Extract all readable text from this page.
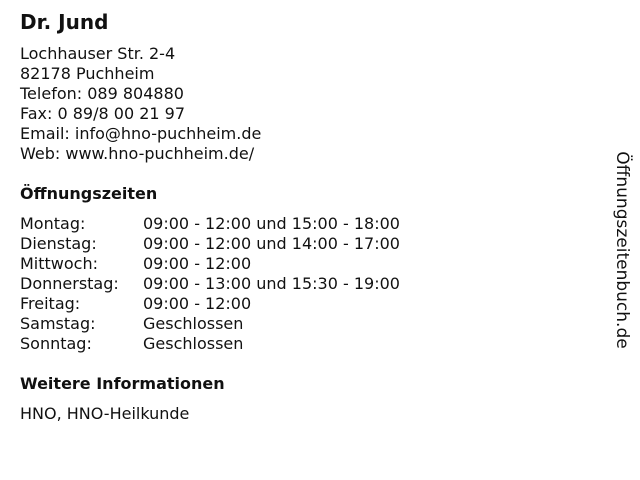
Dr. Jund
Lochhauser Str. 2-4
82178 Puchheim
Telefon: 089 804880
Fax: 0 89/8 00 21 97
Email: info@hno-puchheim.de
Web: www.hno-puchheim.de/
Öffnungszeiten
Montag:	09:00 - 12:00 und 15:00 - 18:00
Dienstag:	09:00 - 12:00 und 14:00 - 17:00
Mittwoch:	09:00 - 12:00
Donnerstag:	09:00 - 13:00 und 15:30 - 19:00
Freitag:	09:00 - 12:00
Samstag:	Geschlossen
Sonntag:	Geschlossen
Weitere Informationen
HNO, HNO-Heilkunde
Öffnungszeitenbuch.de
